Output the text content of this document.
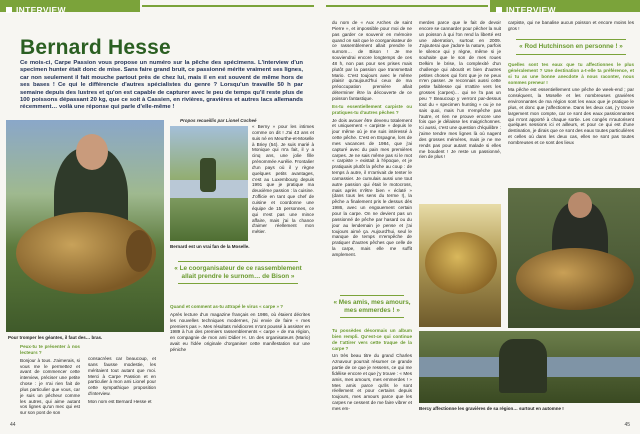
INTERVIEW
Bernard Hesse
Ce mois-ci, Carpe Passion vous propose un numéro sur la pêche des spécimens. L'interview d'un specimen hunter était donc de mise. Sans faire grand bruit, ce passionné mérite vraiment ses lignes, car non seulement il fait mouche partout près de chez lui, mais il en est souvent de même hors de ses bases ! Ce qui le différencie d'autres spécialistes du genre ? Lorsqu'un travaille 50 h par semaine depuis des lustres et qu'on est capable de capturer avec le peu de temps qu'il reste plus de 100 poissons dépassant 20 kg, que ce soit à Cassien, en rivières, gravières et autres lacs allemands récemment… voilà une réponse qui parle d'elle-même !
Propos recueillis par Lionel Cocheé
Pour tromper les géantes, il faut des… bras.
Bernard est un vrai fan de la Moselle.

Peux-tu te présenter à nos lecteurs ?

Bonjour à tous. J'aimerais, si vous me le permettez et avant de commencer cette interview, préciser une petite chose : je n'ai rien fait de plus particulier que vous, car je suis un pêcheur comme les autres, qui aime autant vos lignes qu'un mec qui est sur son pont de son

consacrées car beaucoup, et sans fausse modestie, les méritaient tout autant que moi. Merci à Carpe Passion et en particulier à mon ami Lionel pour cette sympathique proposition d'interview.

Mon nom est Bernard Hesse et

« Berny » pour les intimes comme on dit ! J'ai 43 ans et suis né en Meurthe-et-Moselle à Briey (54). Je suis marié à Monique qui m'a fait, il y a cinq ans, une jolie fille prénommée Aurélie. Frontalier d'un pays où il y règne quelques petits avantages, c'est au Luxembourg depuis 1991 que je pratique ma deuxième passion : la cuisine. J'officie en tant que chef de cuisine et coordonne une équipe de 15 personnes, ce qui n'est pas une mince affaire, mais j'ai la chance d'aimer réellement mon métier.

« Le coorganisateur de ce rassemblement allait prendre le surnom… de Bison »

Quand et comment as-tu attrapé le virus « carpe » ?

Après lecture d'un magazine français en 1986, où étaient décrites les nouvelles techniques modernes, j'ai envie de faire « mes premiers pas ». Mes résultats médiocres m'ont poussé à assister en 1989 à l'un des premiers rassemblements « carpe » de ma région, en compagnie de mon ami Didier H. Un des organisateurs (Mario) avait eu l'idée originale d'organiser cette manifestation sur une péniche

44
INTERVIEW

du nom de « Aux Arches de saint Pierre », et impossible pour moi de ne pas garder ce souvenir en mémoire quand on sait que le coorganisateur de ce rassemblement allait prendre le surnom… de Bison ! Je me souviendrai encore longtemps de ces 48 h, non pas pour ses prises mais plutôt par la passion que transmettait Mario. C'est toujours avec le même plaisir qu'aujourd'hui ceux de ma préoccupation première allait déterminer être la découverte de ce poisson fantastique.

Es-tu essentiellement carpiste ou pratiques-tu d'autres pêches ?

Je dois avouer être devenu totalement et uniquement « carpiste » depuis le jour même où je me suis intéressé à cette pêche. C'est en Espagne, lors de mes vacances de 1984, que j'ai capturé avec du pain mes premières carpes. Je ne sais même pas si le mot « carpiste » existait à l'époque, et je pratiquais plutôt la pêche au coup : de temps à autre, il m'arrivait de tenter le carnassier. Je cumulais aussi une tout autre passion qui était le motocross, mais après m'être bien « éclaté » (dans tous les sens du terme !), la pêche a finalement pris le dessus dès 1986, avec un engouement certain pour la carpe. On ne devient pas un passionné de pêche par hasard ou du jour au lendemain je pense et j'ai toujours aimé ça. Aujourd'hui, seul le manque de temps m'empêche de pratiquer d'autres pêches que celle de la carpe, mais elle me suffit amplement.

« Mes amis, mes amours, mes emmerdes ! »

Tu possèdes désormais un album bien rempli. Qu'est-ce qui continue de t'attirer vers cette traque de la carpe ?

Un très beau titre du grand Charles Aznavour pourrait résumer ce grande partie de ce que je ressens, ce qui me fidélise encore et que j'y trouve : « Mes amis, mes amours, mes emmerdes ! » Mes amis parce qu'ils le sont réellement et pour certains depuis toujours, mes amours parce que les carpes ne cessent de me faire vibrer et mes em-

merdes parce que le fait de devoir encore se cannarder pour pêcher la nuit un poisson à qui l'on rend la liberté est une aberration, surtout en 2009. J'ajouterai que j'adore la nature, parfois le silence qui y règne, même si je souhaite que le son de mes roues Delkim le brise, la complexité d'un challenge qui aboutit et bien d'autres petites choses qui font que je ne peux m'en passer. Je reconnais aussi cette petite faiblesse qui m'attire vers les grosses (carpes)… qui ne l'a pas un peu ? Beaucoup y verront par-dessus tout du « specimen hunting » ou je ne sais quoi, mais l'un n'empêche pas l'autre, et rien ne prouve encore une fois que je délaisse les maigrichonnes. Ici aussi, c'est une question d'équilibre : j'aime tendre mes lignes là où nagent des grosses mémères, mais je ne me rends pas pour autant malade si elles me boudent ! Je reste un passionné, rien de plus !

carpiste, qui ne banalise aucun poisson et encore moins les gros !

« Rod Hutchinson en personne ! »

Quelles sont tes eaux que tu affectionnes le plus généralement ? Une destination a-t-elle ta préférence, et si tu as une bonne anecdote à nous raconter, nous sommes preneur !

Ma pêche est essentiellement une pêche de week-end ; par conséquent, la Moselle et les nombreuses gravières environnantes de ma région sont les eaux que je pratique le plus, et donc que j'affectionne. Dans les deux cas, j'y trouve largement mon compte, car ce sont des eaux passionnantes qui m'ont apporté à chaque sortie. Les congés m'autorisent quelques sessions ici et ailleurs, et pour ce qui est d'une destination, je dirais que ce sont des eaux toutes particulières et celles où dans les deux cas, elles ne sont pas toutes nombreuses et ce sont des lieux

Bercy affectionne les gravières de sa région… surtout en automne !
45
